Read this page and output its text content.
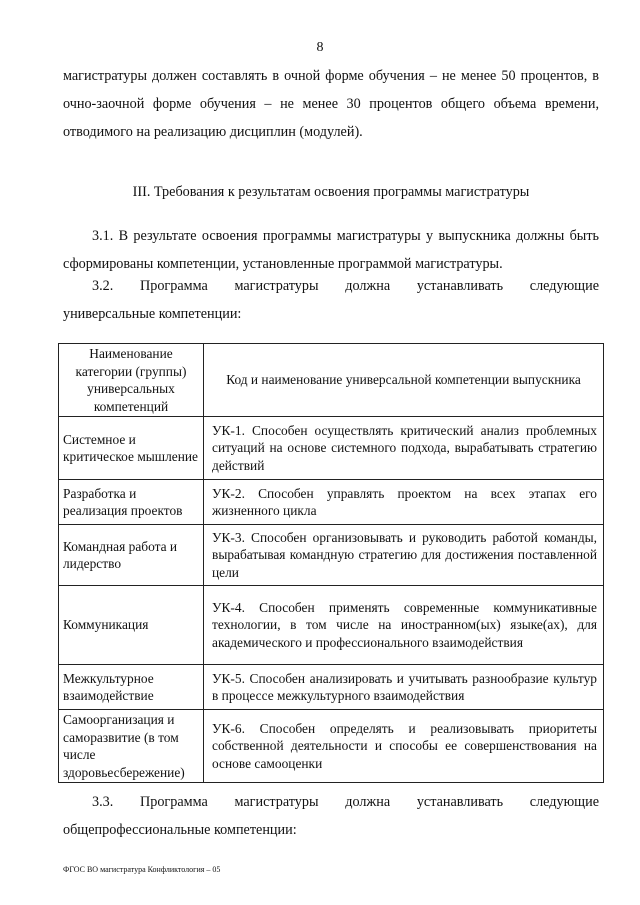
8

магистратуры должен составлять в очной форме обучения – не менее 50 процентов, в очно-заочной форме обучения – не менее 30 процентов общего объема времени, отводимого на реализацию дисциплин (модулей).

III. Требования к результатам освоения программы магистратуры

3.1. В результате освоения программы магистратуры у выпускника должны быть сформированы компетенции, установленные программой магистратуры.

3.2. Программа магистратуры должна устанавливать следующие

универсальные компетенции:

Наименование категории (группы) универсальных компетенций	Код и наименование универсальной компетенции выпускника
Системное и критическое мышление	УК-1. Способен осуществлять критический анализ проблемных ситуаций на основе системного подхода, вырабатывать стратегию действий
Разработка и реализация проектов	УК-2. Способен управлять проектом на всех этапах его жизненного цикла
Командная работа и лидерство	УК-3. Способен организовывать и руководить работой команды, вырабатывая командную стратегию для достижения поставленной цели
Коммуникация	УК-4. Способен применять современные коммуникативные технологии, в том числе на иностранном(ых) языке(ах), для академического и профессионального взаимодействия
Межкультурное взаимодействие	УК-5. Способен анализировать и учитывать разнообразие культур в процессе межкультурного взаимодействия
Самоорганизация и саморазвитие (в том числе здоровьесбережение)	УК-6. Способен определять и реализовывать приоритеты собственной деятельности и способы ее совершенствования на основе самооценки

3.3. Программа магистратуры должна устанавливать следующие

общепрофессиональные компетенции:

ФГОС ВО магистратура Конфликтология – 05
